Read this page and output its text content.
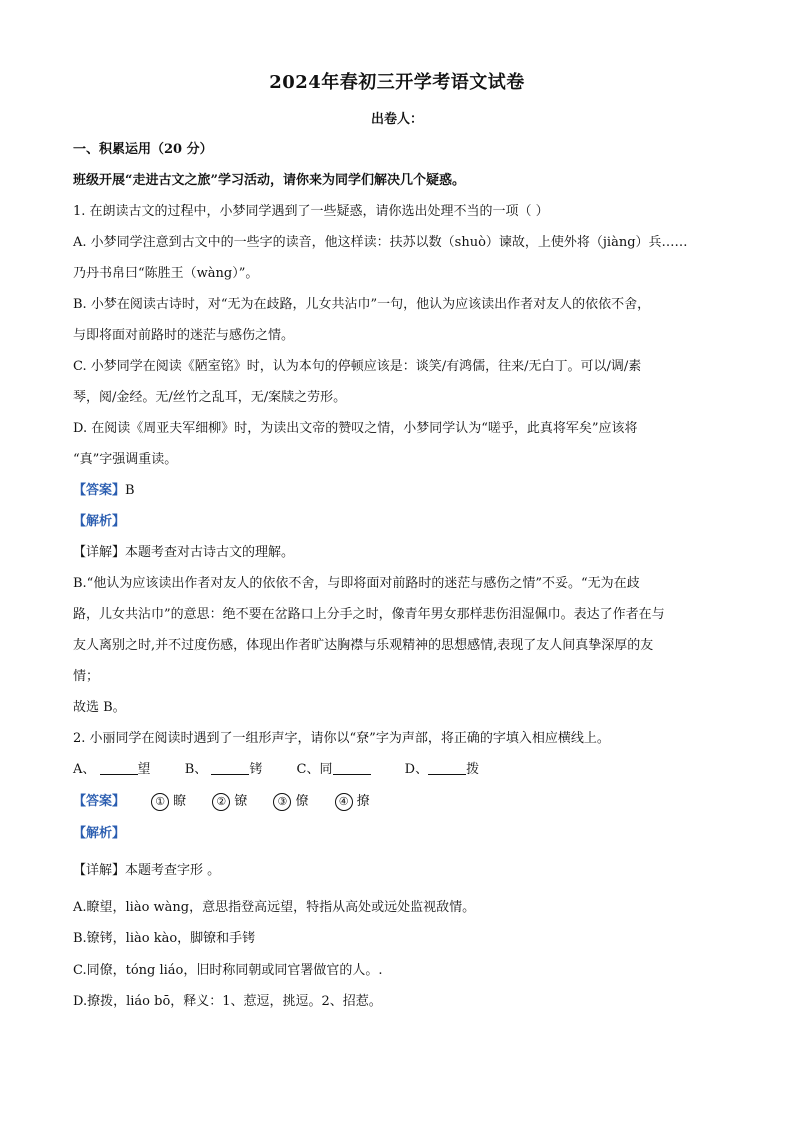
2024年春初三开学考语文试卷
出卷人：
一、积累运用（20 分）
班级开展“走进古文之旅”学习活动，请你来为同学们解决几个疑惑。
1. 在朗读古文的过程中，小梦同学遇到了一些疑惑，请你选出处理不当的一项（ ）
A. 小梦同学注意到古文中的一些字的读音，他这样读：扶苏以数（shuò）谏故，上使外将（jiàng）兵……
乃丹书帛曰“陈胜王（wàng）”。
B. 小梦在阅读古诗时，对“无为在歧路，儿女共沾巾”一句，他认为应该读出作者对友人的依依不舍，
与即将面对前路时的迷茫与感伤之情。
C. 小梦同学在阅读《陋室铭》时，认为本句的停顿应该是：谈笑/有鸿儒，往来/无白丁。可以/调/素
琴，阅/金经。无/丝竹之乱耳，无/案牍之劳形。
D. 在阅读《周亚夫军细柳》时，为读出文帝的赞叹之情，小梦同学认为“嗟乎，此真将军矣”应该将
“真”字强调重读。
【答案】B
【解析】
【详解】本题考查对古诗古文的理解。
B.“他认为应该读出作者对友人的依依不舍，与即将面对前路时的迷茫与感伤之情”不妥。“无为在歧
路，儿女共沾巾”的意思：绝不要在岔路口上分手之时，像青年男女那样悲伤泪湿佩巾。表达了作者在与
友人离别之时,并不过度伤感，体现出作者旷达胸襟与乐观精神的思想感情,表现了友人间真挚深厚的友
情；
故选 B。
2. 小丽同学在阅读时遇到了一组形声字，请你以“尞”字为声部，将正确的字填入相应横线上。
A、	望	B、	铐	C、同	D、	拨
【答案】	① 瞭	② 镣	③ 僚	④ 撩
【解析】
【详解】本题考查字形 。
A.瞭望，liào wàng，意思指登高远望，特指从高处或远处监视敌情。
B.镣铐，liào kào，脚镣和手铐
C.同僚，tóng liáo，旧时称同朝或同官署做官的人。.
D.撩拨，liáo bō，释义：1、惹逗，挑逗。2、招惹。
